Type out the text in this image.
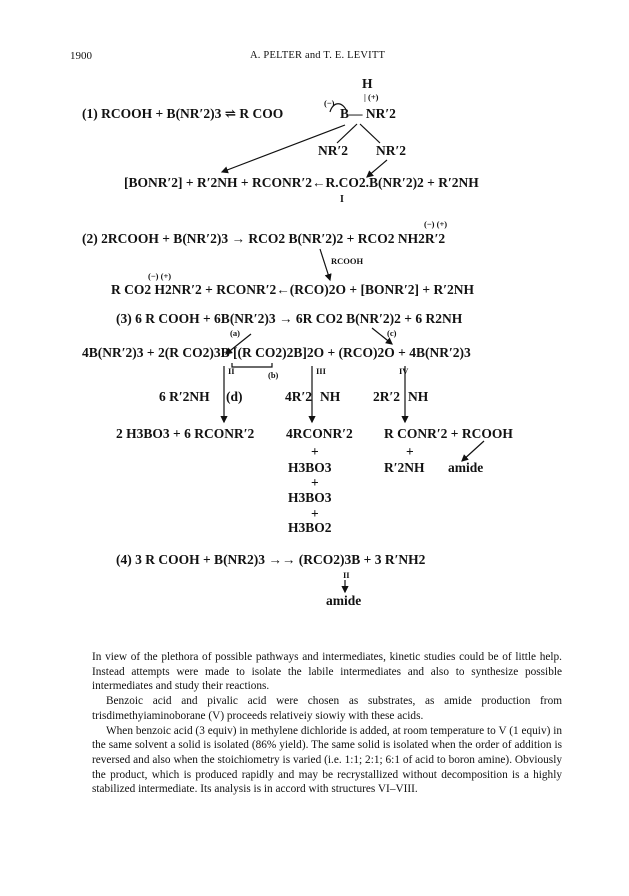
1900	A. PELTER and T. E. LEVITT
H
| (+)
(−)
(1) RCOOH + B(NR′2)3 ⇌ R COO	B— NR′2
NR′2 NR′2
[BONR′2] + R′2NH + RCONR′2←R.CO2.B(NR′2)2 + R′2NH
I
(−) (+)
(2) 2RCOOH + B(NR′2)3 → RCO2 B(NR′2)2 + RCO2 NH2R′2
RCOOH
(−) (+)
R CO2 H2NR′2 + RCONR′2←(RCO)2O + [BONR′2] + R′2NH
(3) 6 R COOH + 6B(NR′2)3 → 6R CO2 B(NR′2)2 + 6 R2NH
(a)	(c)
4B(NR′2)3 + 2(R CO2)3B [(R CO2)2B]2O + (RCO)2O + 4B(NR′2)3
II	(b)	III	IV
6 R′2NH (d)	4R′2 NH 2R′2 NH
2 H3BO3 + 6 RCONR′2 4RCONR′2 R CONR′2 + RCOOH
+	+
H3BO3	R′2NH amide
+
H3BO3
+
H3BO2
(4) 3 R COOH + B(NR2)3 →→ (RCO2)3B + 3 R′NH2
II
amide

In view of the plethora of possible pathways and intermediates, kinetic studies could be of little help. Instead attempts were made to isolate the labile intermediates and also to synthesize possible intermediates and study their reactions.

Benzoic acid and pivalic acid were chosen as substrates, as amide production from trisdimethyiaminoborane (V) proceeds relativeiy siowiy with these acids.

When benzoic acid (3 equiv) in methylene dichloride is added, at room temperature to V (1 equiv) in the same solvent a solid is isolated (86% yield). The same solid is isolated when the order of addition is reversed and also when the stoichiometry is varied (i.e. 1:1; 2:1; 6:1 of acid to boron amine). Obviously the product, which is produced rapidly and may be recrystallized without decomposition is a highly stabilized intermediate. Its analysis is in accord with structures VI–VIII.
